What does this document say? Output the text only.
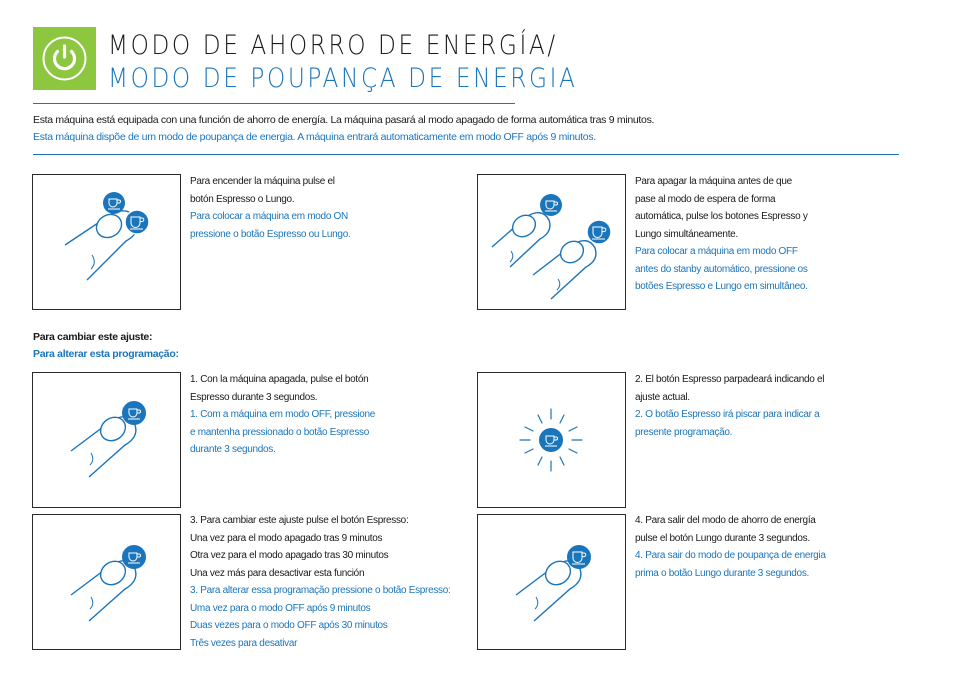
MODO DE AHORRO DE ENERGÍA/
MODO DE POUPANÇA DE ENERGIA
Esta máquina está equipada con una función de ahorro de energía. La máquina pasará al modo apagado de forma automática tras 9 minutos.
Esta máquina dispõe de um modo de poupança de energia. A máquina entrará automaticamente em modo OFF após 9 minutos.

Para encender la máquina pulse el

botón Espresso o Lungo.

Para colocar a máquina em modo ON

pressione o botão Espresso ou Lungo.

Para apagar la máquina antes de que

pase al modo de espera de forma

automática, pulse los botones Espresso y

Lungo simultáneamente.

Para colocar a máquina em modo OFF

antes do stanby automático, pressione os

botões Espresso e Lungo em simultâneo.

Para cambiar este ajuste:
Para alterar esta programação:

1. Con la máquina apagada, pulse el botón

Espresso durante 3 segundos.

1. Com a máquina em modo OFF, pressione

e mantenha pressionado o botão Espresso

durante 3 segundos.

2. El botón Espresso parpadeará indicando el

ajuste actual.

2. O botão Espresso irá piscar para indicar a

presente programação.

3. Para cambiar este ajuste pulse el botón Espresso:

Una vez para el modo apagado tras 9 minutos

Otra vez para el modo apagado tras 30 minutos

Una vez más para desactivar esta función

3. Para alterar essa programação pressione o botão Espresso:

Uma vez para o modo OFF após 9 minutos

Duas vezes para o modo OFF após 30 minutos

Três vezes para desativar

4. Para salir del modo de ahorro de energía

pulse el botón Lungo durante 3 segundos.

4. Para sair do modo de poupança de energia

prima o botão Lungo durante 3 segundos.
